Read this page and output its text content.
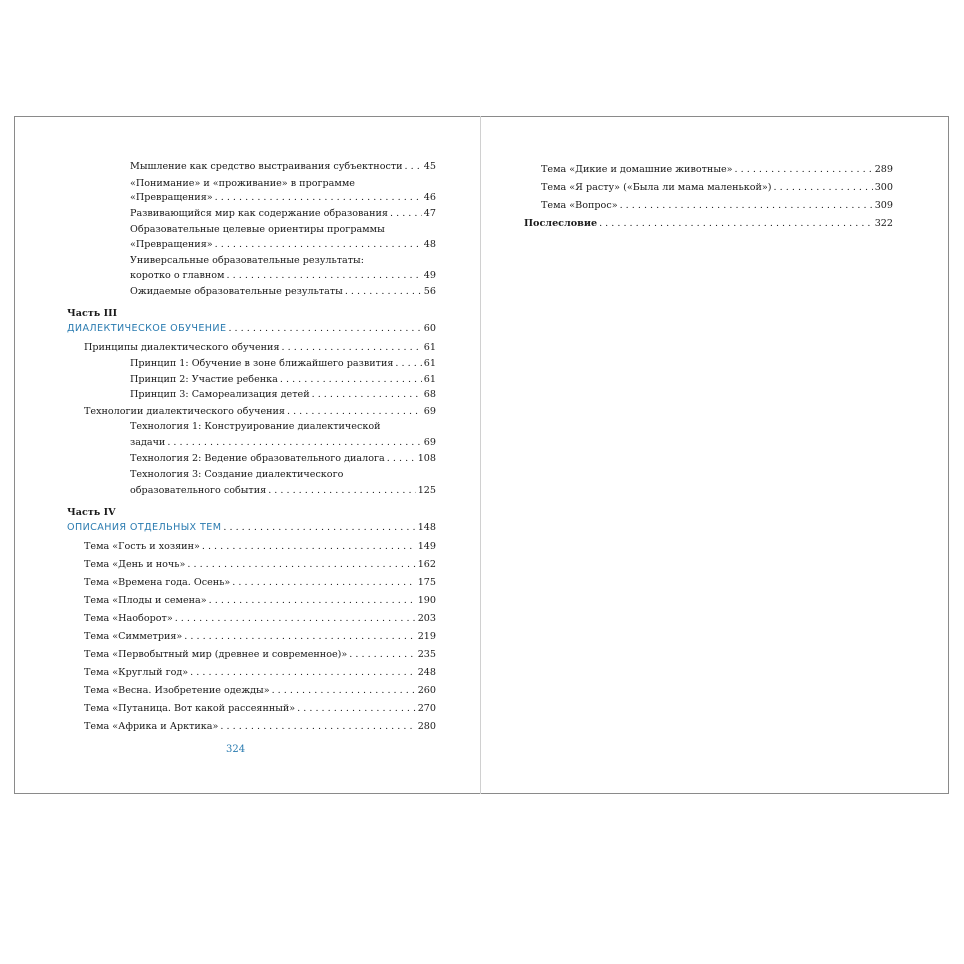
Мышление как средство выстраивания субъектности . . . 45
«Понимание» и «проживание» в программе
«Превращения» . . .	46
Развивающийся мир как содержание образования . . .	47
Образовательные целевые ориентиры программы
«Превращения» . . .	48
Универсальные образовательные результаты:
коротко о главном . . .	49
Ожидаемые образовательные результаты . . .	56
Часть III
ДИАЛЕКТИЧЕСКОЕ ОБУЧЕНИЕ . . .	60
Принципы диалектического обучения . . .	61
Принцип 1: Обучение в зоне ближайшего развития . . .	61
Принцип 2: Участие ребенка . . .	61
Принцип 3: Самореализация детей . . .	68
Технологии диалектического обучения . . .	69
Технология 1: Конструирование диалектической
задачи . . .	69
Технология 2: Ведение образовательного диалога . . .	108
Технология 3: Создание диалектического
образовательного события . . .	125
Часть IV
ОПИСАНИЯ ОТДЕЛЬНЫХ ТЕМ . . .	148
Тема «Гость и хозяин» . . .	149
Тема «День и ночь» . . .	162
Тема «Времена года. Осень» . . .	175
Тема «Плоды и семена» . . .	190
Тема «Наоборот» . . .	203
Тема «Симметрия» . . .	219
Тема «Первобытный мир (древнее и современное)» . . .	235
Тема «Круглый год» . . .	248
Тема «Весна. Изобретение одежды» . . .	260
Тема «Путаница. Вот какой рассеянный» . . .	270
Тема «Африка и Арктика» . . .	280
324
Тема «Дикие и домашние животные» . . .	289
Тема «Я расту» («Была ли мама маленькой») . . .	300
Тема «Вопрос» . . .	309
Послесловие . . .	322
